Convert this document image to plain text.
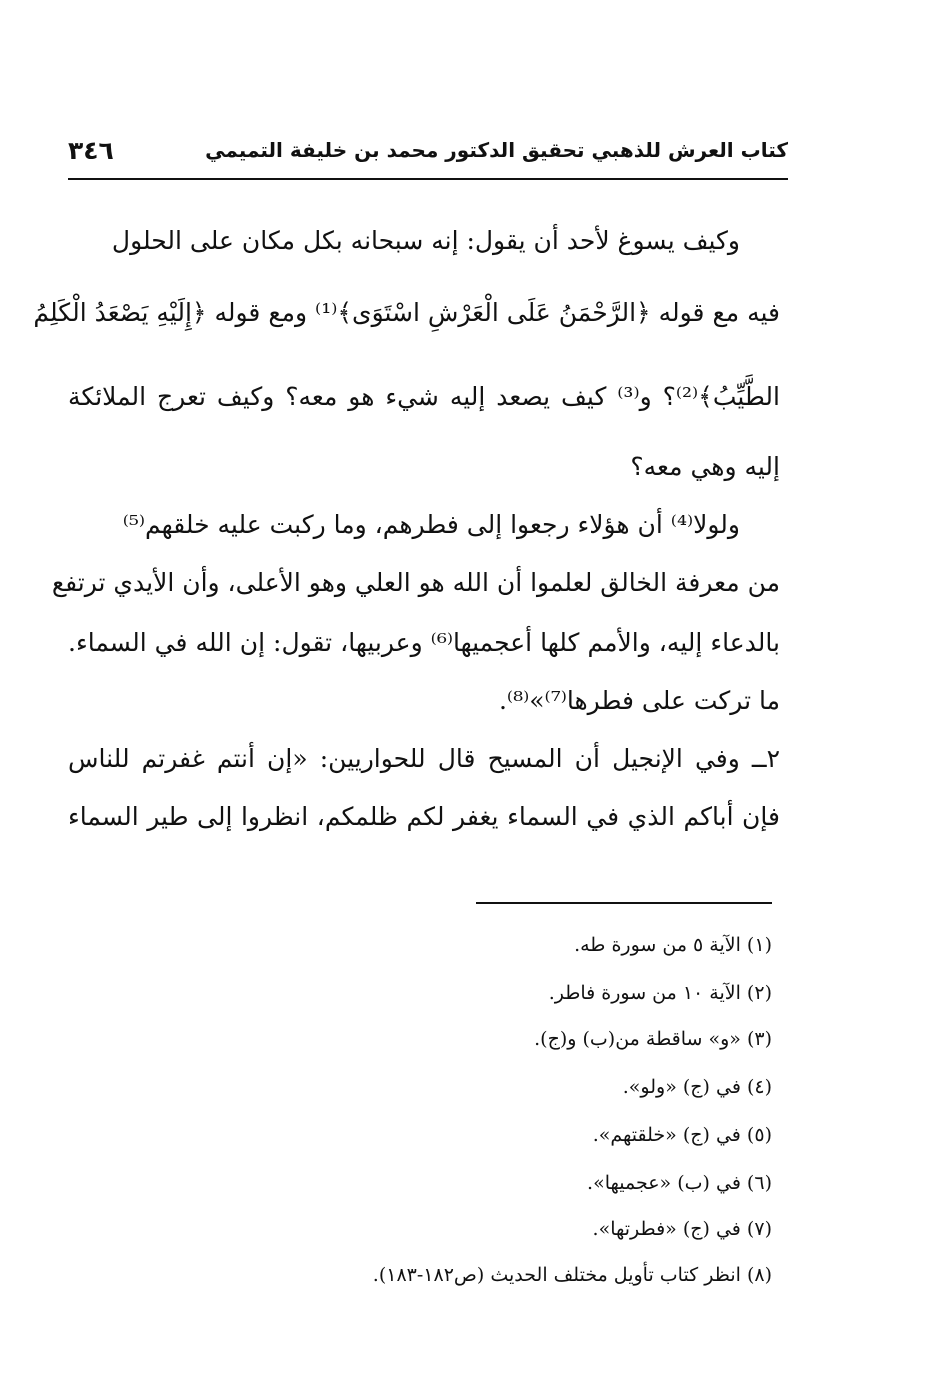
كتاب العرش للذهبي تحقيق الدكتور محمد بن خليفة التميمي
٣٤٦
وكيف يسوغ لأحد أن يقول: إنه سبحانه بكل مكان على الحلول
فيه مع قوله ﴿الرَّحْمَنُ عَلَى الْعَرْشِ اسْتَوَى﴾⁽¹⁾ ومع قوله ﴿إِلَيْهِ يَصْعَدُ الْكَلِمُ
الطَّيِّبُ﴾⁽²⁾؟ و⁽³⁾ كيف يصعد إليه شيء هو معه؟ وكيف تعرج الملائكة
إليه وهي معه؟
ولولا⁽⁴⁾ أن هؤلاء رجعوا إلى فطرهم، وما ركبت عليه خلقهم⁽⁵⁾
من معرفة الخالق لعلموا أن الله هو العلي وهو الأعلى، وأن الأيدي ترتفع
بالدعاء إليه، والأمم كلها أعجميها⁽⁶⁾ وعربيها، تقول: إن الله في السماء.
ما تركت على فطرها⁽⁷⁾»⁽⁸⁾.
٢ــ وفي الإنجيل أن المسيح قال للحواريين: «إن أنتم غفرتم للناس
فإن أباكم الذي في السماء يغفر لكم ظلمكم، انظروا إلى طير السماء
(١) الآية ٥ من سورة طه.
(٢) الآية ١٠ من سورة فاطر.
(٣) «و» ساقطة من(ب) و(ج).
(٤) في (ج) «ولو».
(٥) في (ج) «خلقتهم».
(٦) في (ب) «عجميها».
(٧) في (ج) «فطرتها».
(٨) انظر كتاب تأويل مختلف الحديث (ص١٨٢-١٨٣).
